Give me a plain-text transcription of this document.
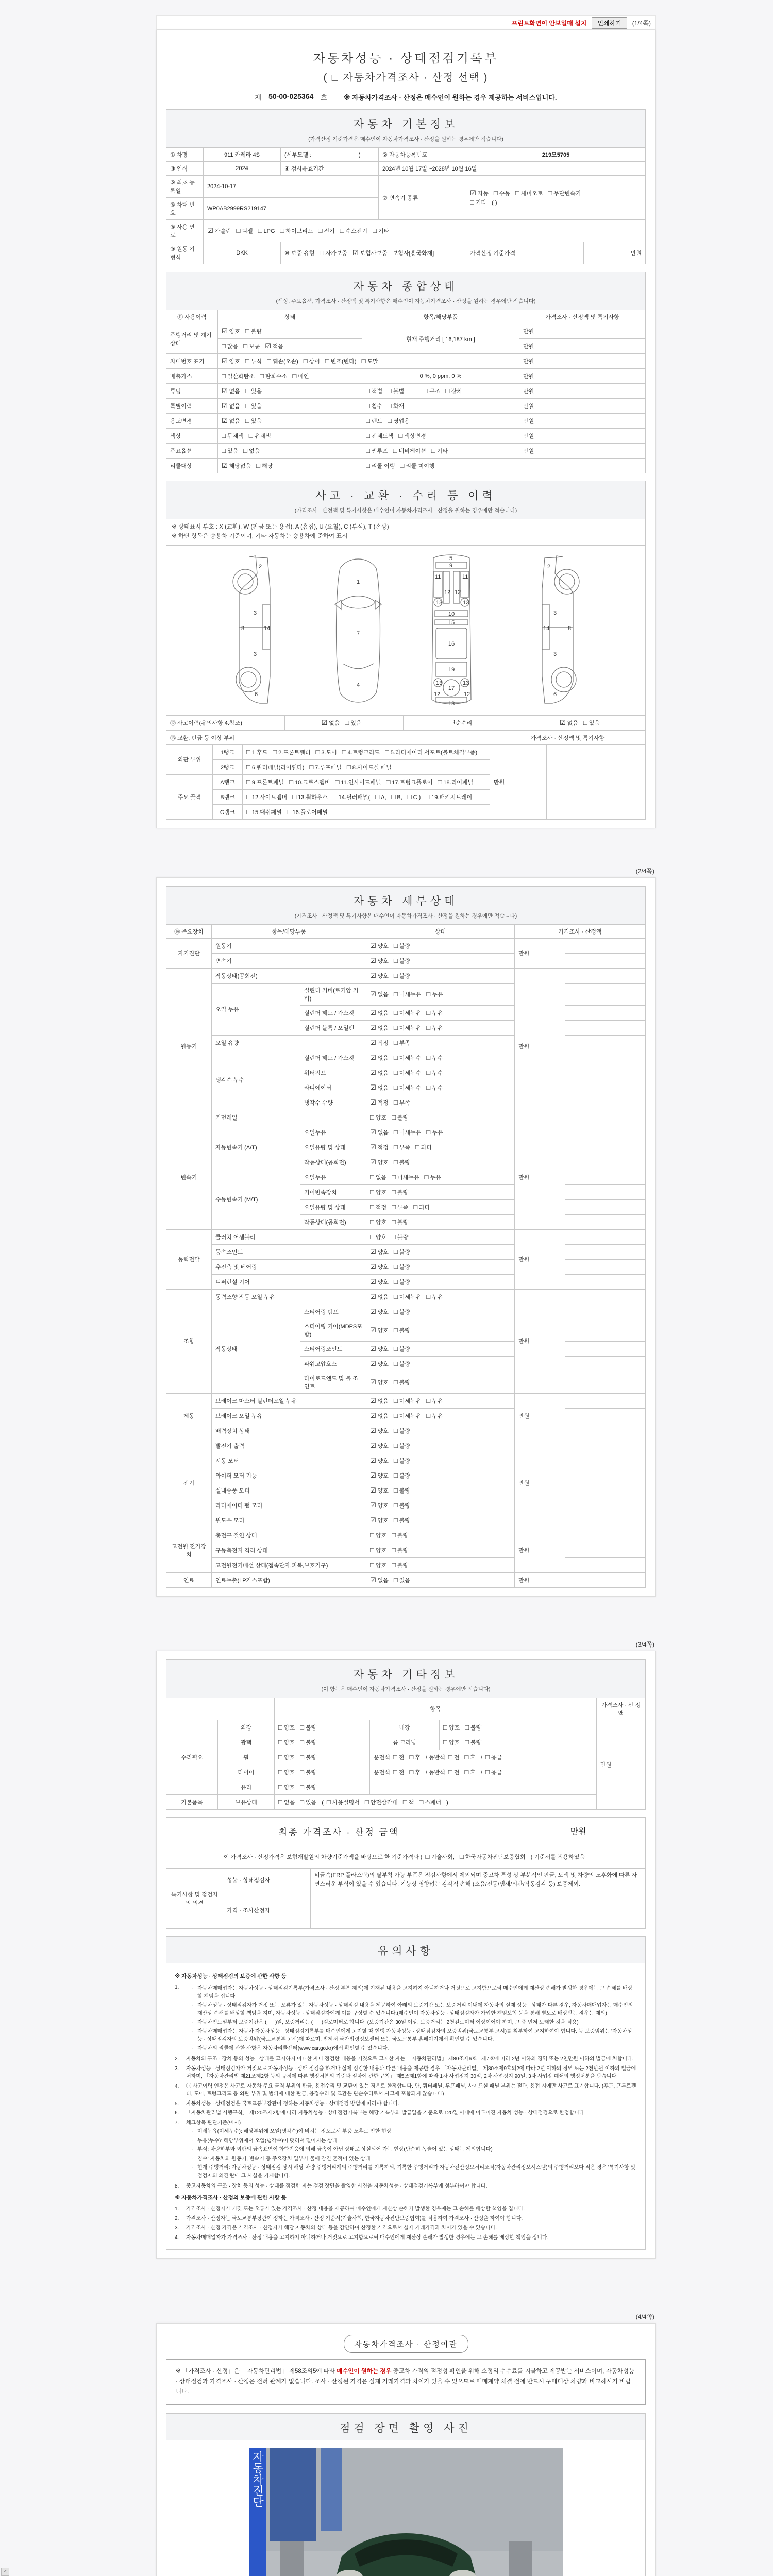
프린트화면이 안보일때 설치	인쇄하기	(1/4쪽)
자동차성능 · 상태점검기록부
( □ 자동차가격조사 · 산정 선택 )
제 50-00-025364 호 ※ 자동차가격조사 · 산정은 매수인이 원하는 경우 제공하는 서비스입니다.
자동차 기본정보
(가격산정 기준가격은 매수인이 자동차가격조사 · 산정을 원하는 경우에만 적습니다)
① 차명	911 카레라 4S	(세부모델 :                              )	② 자동차등록번호	219모5705	
③ 연식	2024	④ 검사유효기간	2024년 10월 17일 ~2028년 10월 16일		
⑤ 최초 등록일	2024-10-17		⑦ 변속기 종류	☑ 자동 □ 수동 □ 세미오토 □ 무단변속기
□ 기타 ( )	
⑥ 차대 번호	WP0AB2999RS219147				
⑧ 사용 연료	☑ 가솔린 □ 디젤 □ LPG □ 하이브리드 □ 전기 □ 수소전기 □ 기타				
⑨ 원동 기형식	DKK	⑩ 보증 유형 □ 자가보증 ☑ 보험사보증 보험사[흥국화재]		가격산정 기준가격	만원
자동차 종합상태
(색상, 주요옵션, 가격조사 · 산정액 및 특기사항은 매수인이 자동차가격조사 · 산정을 원하는 경우에만 적습니다)
⑪ 사용이력	상태	항목/해당부품	가격조사 · 산정액 및 특기사항	
주행거리 및 계기상태	☑ 양호 □ 불량	현재 주행거리 [ 16,187 km ]	만원	
	□ 많음 □ 보통 ☑ 적음		만원	
차대번호 표기	☑ 양호 □ 부식 □ 훼손(오손) □ 상이 □ 변조(변타) □ 도말		만원	
배출가스	□ 일산화탄소 □ 탄화수소 □ 매연	0 %, 0 ppm, 0 %	만원	
튜닝	☑ 없음 □ 있음	□ 적법 □ 불법 □ 구조 □ 장치	만원	
특별이력	☑ 없음 □ 있음	□ 침수 □ 화재	만원	
용도변경	☑ 없음 □ 있음	□ 렌트 □ 영업용	만원	
색상	□ 무채색 □ 유채색	□ 전체도색 □ 색상변경	만원	
주요옵션	□ 있음 □ 없음	□ 썬루프 □ 네비게이션 □ 기타	만원	
리콜대상	☑ 해당없음 □ 해당	□ 리콜 이행 □ 리콜 미이행		
사고 · 교환 · 수리 등 이력
(가격조사 · 산정액 및 특기사항은 매수인이 자동차가격조사 · 산정을 원하는 경우에만 적습니다)
※ 상태표시 부호 : X (교환), W (판금 또는 용접), A (흠집), U (요철), C (부식), T (손상)
※ 하단 항목은 승용차 기준이며, 기타 자동차는 승용차에 준하여 표시
2
3
3
8	14
6
1
7
4
5
9
11	11
12 12
13	13
10
15
16
19
13	13
12
17
12
18
2
3
3
8
14
6
⑫ 사고이력(유의사항 4.참조)	☑ 없음 □ 있음	단순수리	☑ 없음 □ 있음
⑬ 교환, 판금 등 이상 부위			가격조사 · 산정액 및 특기사항	
외판 부위	1랭크	□ 1.후드 □ 2.프론트휀더 □ 3.도어 □ 4.트렁크리드 □ 5.라디에이터 서포트(볼트체결부품)	만원	
	2랭크	□ 6.쿼터패널(리어휀다) □ 7.루프패널 □ 8.사이드실 패널		
주요 골격	A랭크	□ 9.프론트패널 □ 10.크로스멤버 □ 11.인사이드패널 □ 17.트렁크플로어 □ 18.리어패널		
	B랭크	□ 12.사이드멤버 □ 13.휠하우스 □ 14.필러패널( □ A, □ B, □ C ) □ 19.패키지트레이		
	C랭크	□ 15.대쉬패널 □ 16.플로어패널		
(2/4쪽)
자동차 세부상태
(가격조사 · 산정액 및 특기사항은 매수인이 자동차가격조사 · 산정을 원하는 경우에만 적습니다)
⑭ 주요장치	항목/해당부품		상태	가격조사 · 산정액	
자기진단	원동기		☑ 양호 □ 불량	만원	
	변속기		☑ 양호 □ 불량		
원동기	작동상태(공회전)		☑ 양호 □ 불량	만원	
	오일 누유	실린더 커버(로커암 커버)	☑ 없음 □ 미세누유 □ 누유		
		실린더 헤드 / 가스킷	☑ 없음 □ 미세누유 □ 누유		
		실린더 블록 / 오일팬	☑ 없음 □ 미세누유 □ 누유		
	오일 유량		☑ 적정 □ 부족		
	냉각수 누수	실린더 헤드 / 가스킷	☑ 없음 □ 미세누수 □ 누수		
		워터펌프	☑ 없음 □ 미세누수 □ 누수		
		라디에이터	☑ 없음 □ 미세누수 □ 누수		
		냉각수 수량	☑ 적정 □ 부족		
	커먼레일		□ 양호 □ 불량		
변속기	자동변속기 (A/T)	오일누유	☑ 없음 □ 미세누유 □ 누유	만원	
		오일유량 및 상태	☑ 적정 □ 부족 □ 과다		
		작동상태(공회전)	☑ 양호 □ 불량		
	수동변속기 (M/T)	오일누유	□ 없음 □ 미세누유 □ 누유		
		기어변속장치	□ 양호 □ 불량		
		오일유량 및 상태	□ 적정 □ 부족 □ 과다		
		작동상태(공회전)	□ 양호 □ 불량		
동력전달	클러치 어셈블리		□ 양호 □ 불량	만원	
	등속조인트		☑ 양호 □ 불량		
	추진축 및 베어링		☑ 양호 □ 불량		
	디퍼런셜 기어		☑ 양호 □ 불량		
조향	동력조향 작동 오일 누유		☑ 없음 □ 미세누유 □ 누유	만원	
	작동상태	스티어링 펌프	☑ 양호 □ 불량		
		스티어링 기어(MDPS포함)	☑ 양호 □ 불량		
		스티어링조인트	☑ 양호 □ 불량		
		파워고압호스	☑ 양호 □ 불량		
		타이로드엔드 및 볼 조인트	☑ 양호 □ 불량		
제동	브레이크 마스터 실린더오일 누유		☑ 없음 □ 미세누유 □ 누유	만원	
	브레이크 오일 누유		☑ 없음 □ 미세누유 □ 누유		
	배력장치 상태		☑ 양호 □ 불량		
전기	발전기 출력		☑ 양호 □ 불량	만원	
	시동 모터		☑ 양호 □ 불량		
	와이퍼 모터 기능		☑ 양호 □ 불량		
	실내송풍 모터		☑ 양호 □ 불량		
	라디에이터 팬 모터		☑ 양호 □ 불량		
	윈도우 모터		☑ 양호 □ 불량		
고전원 전기장치	충전구 절연 상태		□ 양호 □ 불량	만원	
	구동축전지 격리 상태		□ 양호 □ 불량		
	고전원전기배선 상태(접속단자,피복,보호기구)		□ 양호 □ 불량		
연료	연료누출(LP가스포함)		☑ 없음 □ 있음	만원	
(3/4쪽)
자동차 기타정보
(이 항목은 매수인이 자동차가격조사 · 산정을 원하는 경우에만 적습니다)
		항목			가격조사 · 산 정액
수리필요	외장	□ 양호 □ 불량	내장	□ 양호 □ 불량	만원
	광택	□ 양호 □ 불량	룸 크리닝	□ 양호 □ 불량	
	휠	□ 양호 □ 불량	운전석 □ 전 □ 후 / 동반석 □ 전 □ 후 / □ 응급		
	타이어	□ 양호 □ 불량	운전석 □ 전 □ 후 / 동반석 □ 전 □ 후 / □ 응급		
	유리	□ 양호 □ 불량			
기본품목	보유상태	□ 없음 □ 있음 ( □ 사용설명서 □ 안전삼각대 □ 잭 □ 스패너 )			
최종 가격조사 · 산정 금액	만원
이 가격조사 · 산정가격은 보험개발원의 차량기준가액을 바탕으로 한 기준가격과 ( □ 기술사회, □ 한국자동차진단보증협회 ) 기준서를 적용하였음
특기사항 및 점검자의 의견	성능 · 상태점검자	비금속(FRP 플라스틱)의 탈부착 가능 부품은 점검사항에서 제외되며 중고차 특성 상 부분적인 판금, 도색 및 차량의 노후화에 따른 자연스러운 부식이 있을 수 있습니다. 기능상 영향없는 감각적 손해 (소음/진동/냄새/외관/작동감각 등) 보증제외.
	가격 · 조사산정자	
유의사항
※ 자동차성능 · 상태점검의 보증에 관한 사항 등
1.	· 자동차매매업자는 자동차성능 · 상태점검기록부(가격조사 · 산정 부분 제외)에 기재된 내용을 고지하지 아니하거나 거짓으로 고지함으로써 매수인에게 재산상 손해가 발생한 경우에는 그 손해를 배상할 책임을 집니다.
· 자동차성능 · 상태점검자가 거짓 또는 오류가 있는 자동차성능 · 상태점검 내용을 제공하여 아래의 보증기간 또는 보증거리 이내에 자동차의 실제 성능 · 상태가 다른 경우, 자동차매매업자는 매수인의 재산상 손해를 배상할 책임을 지며, 자동차성능 · 상태점검자에게 이를 구상할 수 있습니다.(매수인이 자동차성능 · 상태점검자가 가입한 책임보험 등을 통해 별도로 배상받는 경우는 제외)
· 자동차인도일부터 보증기간은 (      )일, 보증거리는 (      )킬로미터로 합니다. (보증기간은 30일 이상, 보증거리는 2천킬로미터 이상이어야 하며, 그 중 먼저 도래한 것을 적용)
· 자동차매매업자는 자동차 자동차성능 · 상태점검기록부를 매수인에게 고지할 때 현행 자동차성능 · 상태점검자의 보증범위(국토교통부 고시)를 첨부하여 고지하여야 합니다. 동 보증범위는 '자동차성능 · 상태점검자의 보증범위'(국토교통부 고시)에 따르며, 법제처 국가법령정보센터 또는 국토교통부 홈페이지에서 확인할 수 있습니다.
· 자동차의 리콜에 관한 사항은 자동차리콜센터(www.car.go.kr)에서 확인할 수 있습니다.
2.	자동차의 구조 · 장치 등의 성능 · 상태를 고지하지 아니한 자나 점검한 내용을 거짓으로 고지한 자는 「자동차관리법」 제80조제6호 · 제7호에 따라 2년 이하의 징역 또는 2천만원 이하의 벌금에 처합니다.
3.	자동차성능 · 상태점검자가 거짓으로 자동차성능 · 상태 점검을 하거나 실제 점검한 내용과 다른 내용을 제공한 경우 「자동차관리법」 제80조제9호의2에 따라 2년 이하의 징역 또는 2천만원 이하의 벌금에 처하며, 「자동차관리법 제21조제2항 등의 규정에 따른 행정처분의 기준과 절차에 관한 규칙」 제5조제1항에 따라 1차 사업정지 30일, 2차 사업정지 90일, 3차 사업장 폐쇄의 행정처분을 받습니다.
4.	⑫ 사고이력 인정은 사고로 자동차 주요 골격 부위의 판금, 용접수리 및 교환이 있는 경우로 한정합니다. 단, 쿼터패널, 루프패널, 사이드실 패널 부위는 절단, 용접 시에만 사고로 표기합니다. (후드, 프론트펜더, 도어, 트렁크리드 등 외판 부위 및 범퍼에 대한 판금, 용접수리 및 교환은 단순수리로서 사고에 포함되지 않습니다)
5.	자동차성능 · 상태점검은 국토교통부장관이 정하는 자동차성능 · 상태점검 방법에 따라야 합니다.
6.	「자동차관리법 시행규칙」 제120조제2항에 따라 자동차성능 · 상태점검기록부는 해당 기록부의 발급일을 기준으로 120일 이내에 이루어진 자동차 성능 · 상태점검으로 한정합니다
7.	체크항목 판단기준(예시)
· 미세누유(미세누수): 해당부위에 오일(냉각수)이 비치는 정도로서 부품 노후로 인한 현상
· 누유(누수): 해당부위에서 오일(냉각수)이 맺혀서 떨어지는 상태
· 부식: 차량하부와 외판의 금속표면이 화학반응에 의해 금속이 아닌 상태로 상실되어 가는 현상(단순히 녹슬어 있는 상태는 제외합니다)
· 침수: 자동차의 원동기, 변속기 등 주요장치 일부가 물에 잠긴 흔적이 있는 상태
· 현재 주행거리: 자동차성능 · 상태점검 당시 해당 차량 주행거리계의 주행거리를 기록하되, 기록한 주행거리가 자동차전산정보처리조직(자동차관리정보시스템)의 주행거리보다 적은 경우 '특기사항 및 점검자의 의견'란에 그 사실을 기재합니다.
8.	중고자동차의 구조 · 장치 등의 성능 · 상태를 점검한 자는 점검 장면을 촬영한 사진을 자동차성능 · 상태점검기록부에 첨부하여야 합니다.
※ 자동차가격조사 · 산정의 보증에 관한 사항 등
1.	가격조사 · 산정자가 거짓 또는 오류가 있는 가격조사 · 산정 내용을 제공하여 매수인에게 재산상 손해가 발생한 경우에는 그 손해를 배상할 책임을 집니다.
2.	가격조사 · 산정자는 국토교통부장관이 정하는 가격조사 · 산정 기준서(기술사회, 한국자동차진단보증협회)를 적용하여 가격조사 · 산정을 하여야 합니다.
3.	가격조사 · 산정 가격은 가격조사 · 산정자가 해당 자동차의 상태 등을 감안하여 산정한 가격으로서 실제 거래가격과 차이가 있을 수 있습니다.
4.	자동차매매업자가 가격조사 · 산정 내용을 고지하지 아니하거나 거짓으로 고지함으로써 매수인에게 재산상 손해가 발생한 경우에는 그 손해를 배상할 책임을 집니다.
(4/4쪽)
자동차가격조사 · 산정이란
※ 「가격조사 · 산정」은 「자동차관리법」 제58조의5에 따라 매수인이 원하는 경우 중고차 가격의 적정성 확인을 위해 소정의 수수료를 지불하고 제공받는 서비스이며, 자동차성능 · 상태점검과 가격조사 · 산정은 전혀 관계가 없습니다. 조사 · 산정된 가격은 실제 거래가격과 차이가 있을 수 있으므로 매매계약 체결 전에 반드시 구매대상 차량과 비교하시기 바랍니다.
점검 장면 촬영 사진
자동차진단
<
